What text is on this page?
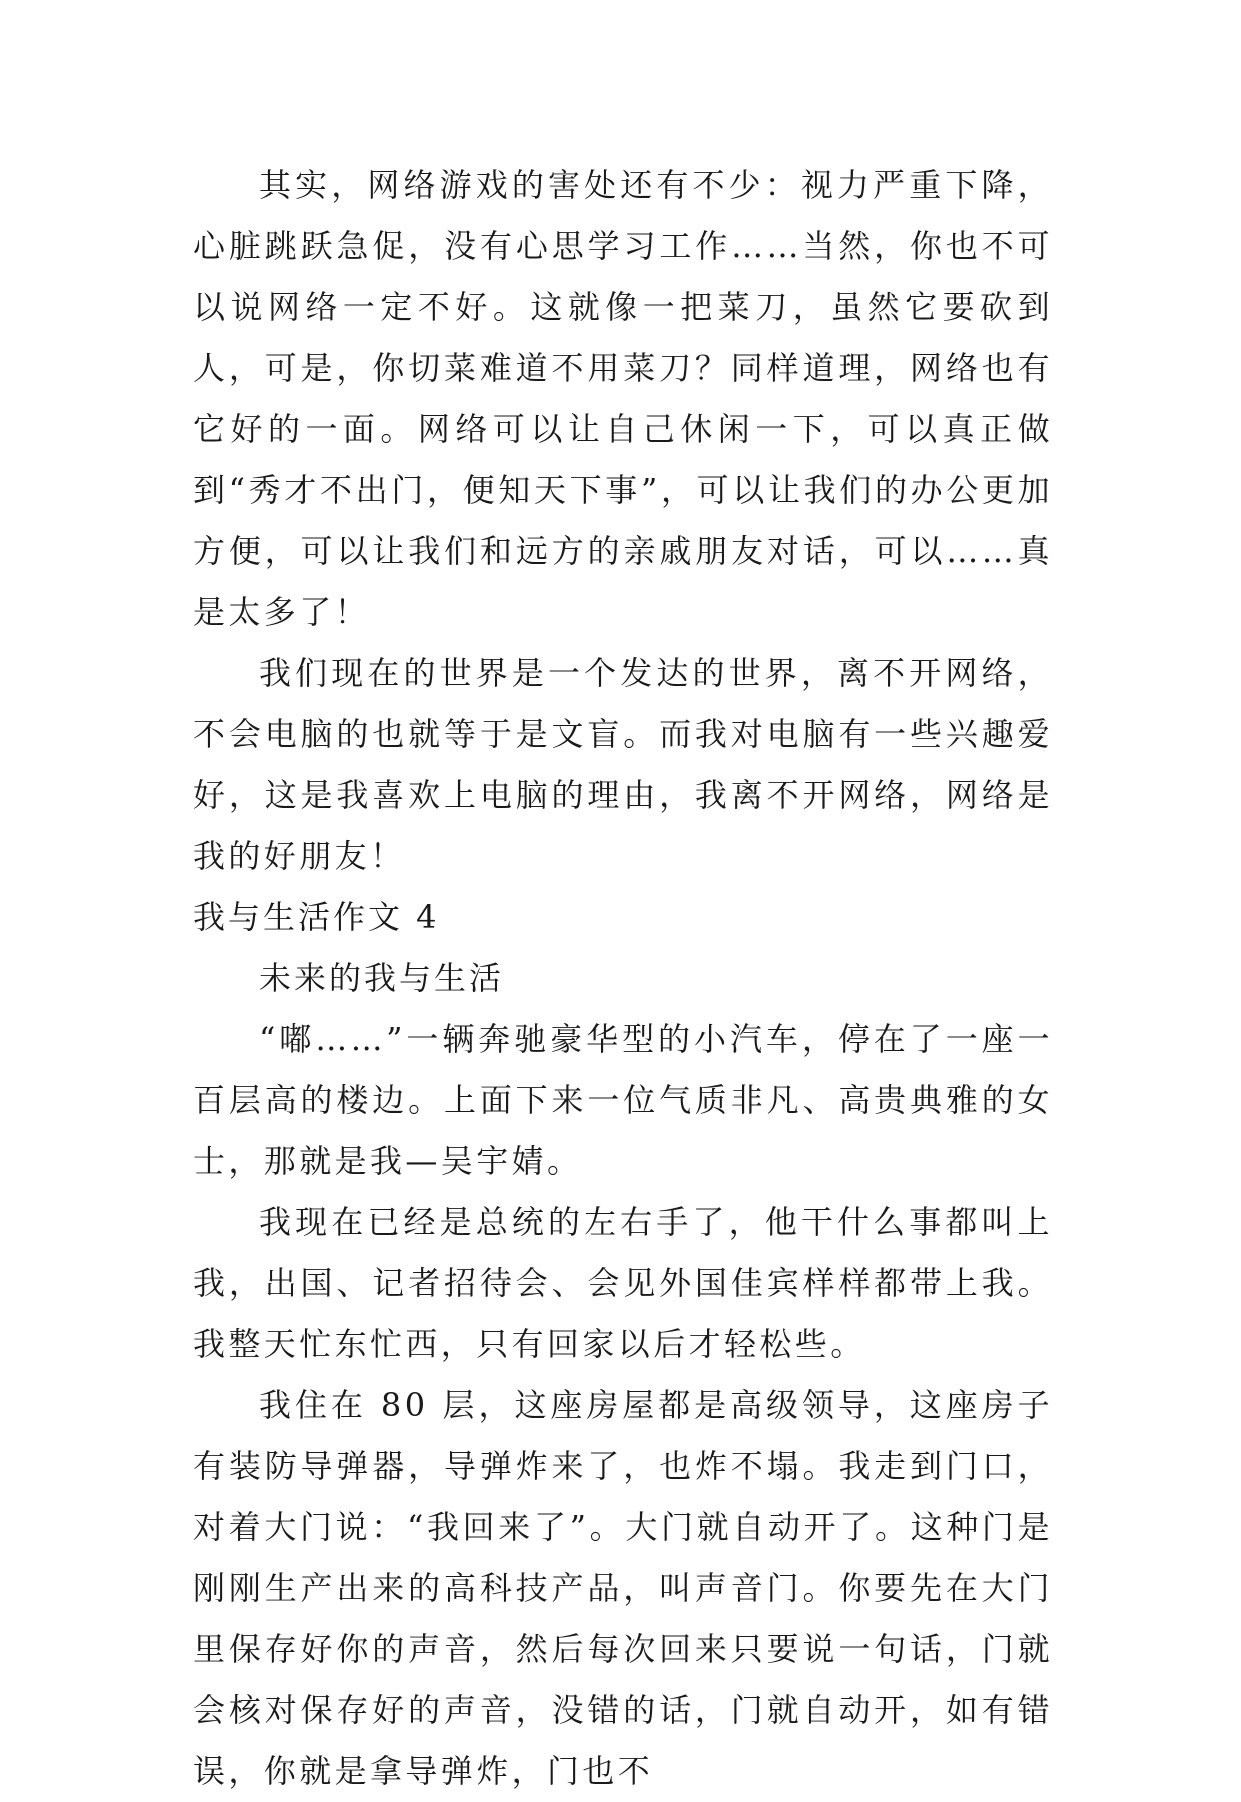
其实，网络游戏的害处还有不少：视力严重下降，心脏跳跃急促，没有心思学习工作……当然，你也不可以说网络一定不好。这就像一把菜刀，虽然它要砍到人，可是，你切菜难道不用菜刀？同样道理，网络也有它好的一面。网络可以让自己休闲一下，可以真正做到“秀才不出门，便知天下事”，可以让我们的办公更加方便，可以让我们和远方的亲戚朋友对话，可以……真是太多了！

我们现在的世界是一个发达的世界，离不开网络，不会电脑的也就等于是文盲。而我对电脑有一些兴趣爱好，这是我喜欢上电脑的理由，我离不开网络，网络是我的好朋友！

我与生活作文 4

未来的我与生活

“嘟……”一辆奔驰豪华型的小汽车，停在了一座一百层高的楼边。上面下来一位气质非凡、高贵典雅的女士，那就是我—吴宇婧。

我现在已经是总统的左右手了，他干什么事都叫上我，出国、记者招待会、会见外国佳宾样样都带上我。我整天忙东忙西，只有回家以后才轻松些。

我住在 80 层，这座房屋都是高级领导，这座房子有装防导弹器，导弹炸来了，也炸不塌。我走到门口，对着大门说：“我回来了”。大门就自动开了。这种门是刚刚生产出来的高科技产品，叫声音门。你要先在大门里保存好你的声音，然后每次回来只要说一句话，门就会核对保存好的声音，没错的话，门就自动开，如有错误，你就是拿导弹炸，门也不
